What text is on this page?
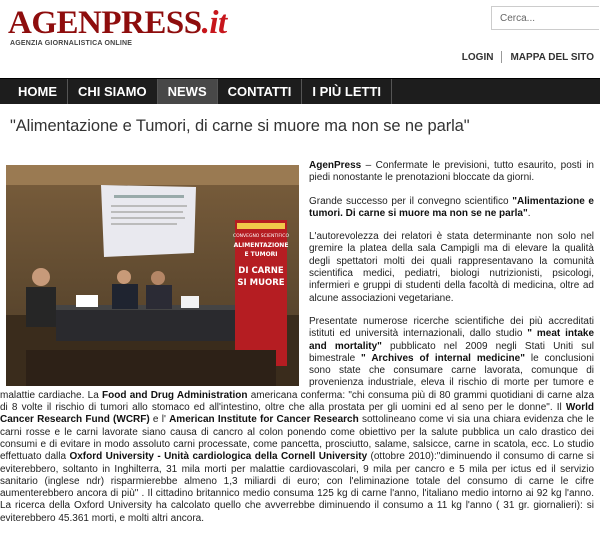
AGENPRESS.it
AGENZIA GIORNALISTICA ONLINE
Cerca...
LOGIN MAPPA DEL SITO
HOME	CHI SIAMO	NEWS	CONTATTI	I PIÙ LETTI
"Alimentazione e Tumori, di carne si muore ma non se ne parla"
CONVEGNO SCIENTIFICO
ALIMENTAZIONE
E TUMORI
DI CARNE
SI MUORE

AgenPress – Confermate le previsioni, tutto esaurito, posti in piedi nonostante le prenotazioni bloccate da giorni.

Grande successo per il convegno scientifico "Alimentazione e tumori. Di carne si muore ma non se ne parla".

L'autorevolezza dei relatori è stata determinante non solo nel gremire la platea della sala Campigli ma di elevare la qualità degli spettatori molti dei quali rappresentavano la comunità scientifica medici, pediatri, biologi nutrizionisti, psicologi, infermieri e gruppi di studenti della facoltà di medicina, oltre ad alcune associazioni vegetariane.

Presentate numerose ricerche scientifiche dei più accreditati istituti ed università internazionali, dallo studio " meat intake and mortality" pubblicato nel 2009 negli Stati Uniti sul bimestrale " Archives of internal medicine" le conclusioni sono state che consumare carne lavorata, comunque di provenienza industriale, eleva il rischio di morte per tumore e malattie cardiache. La Food and Drug Administration americana conferma: "chi consuma più di 80 grammi quotidiani di carne alza di 8 volte il rischio di tumori allo stomaco ed all'intestino, oltre che alla prostata per gli uomini ed al seno per le donne". Il World Cancer Research Fund (WCRF) e l' American Institute for Cancer Research sottolineano come vi sia una chiara evidenza che le carni rosse e le carni lavorate siano causa di cancro al colon ponendo come obiettivo per la salute pubblica un calo drastico dei consumi e di evitare in modo assoluto carni processate, come pancetta, prosciutto, salame, salsicce, carne in scatola, ecc. Lo studio effettuato dalla Oxford University - Unità cardiologica della Cornell University (ottobre 2010):"diminuendo il consumo di carne si eviterebbero, soltanto in Inghilterra, 31 mila morti per malattie cardiovascolari, 9 mila per cancro e 5 mila per ictus ed il servizio sanitario (inglese ndr) risparmierebbe almeno 1,3 miliardi di euro; con l'eliminazione totale del consumo di carne le cifre aumenterebbero ancora di più" . Il cittadino britannico medio consuma 125 kg di carne l'anno, l'italiano medio intorno ai 92 kg l'anno. La ricerca della Oxford University ha calcolato quello che avverrebbe diminuendo il consumo a 11 kg l'anno ( 31 gr. giornalieri): si eviterebbero 45.361 morti, e molti altri ancora.
